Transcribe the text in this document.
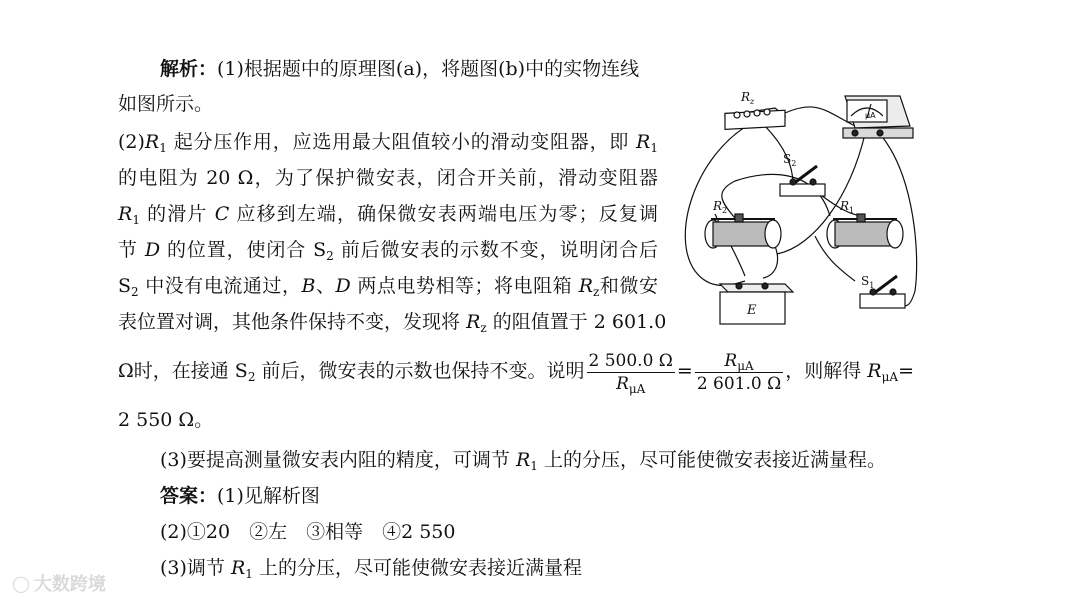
解析：(1)根据题中的原理图(a)，将题图(b)中的实物连线
如图所示。
$(2)R_1$ 起分压作用，应选用最大阻值较小的滑动变阻器，即 $R_1$
的电阻为 20 Ω，为了保护微安表，闭合开关前，滑动变阻器
$R_1$ 的滑片 C 应移到左端，确保微安表两端电压为零；反复调
节 D 的位置，使闭合 $S_2$ 前后微安表的示数不变，说明闭合后
$S_2$ 中没有电流通过，B、D 两点电势相等；将电阻箱 $R_z$和微安
表位置对调，其他条件保持不变，发现将 $R_z$ 的阻值置于 2 601.0
Ω时，在接通 $S_2$ 前后，微安表的示数也保持不变。说明 $\frac{2 500.0 \Omega}{R_{\mu A}} = \frac{R_{\mu A}}{2 601.0 \Omega}$ ，则解得 $R_{\mu A}=$
2 550 Ω。
(3)要提高测量微安表内阻的精度，可调节 $R_1$ 上的分压，尽可能使微安表接近满量程。
答案：(1)见解析图
(2)①20　②左　③相等　④2 550
(3)调节 $R_1$ 上的分压，尽可能使微安表接近满量程
$R_z$
μA
$S_2$
$R_2$	$R_1$
E
$S_1$
◯ 大数跨境
